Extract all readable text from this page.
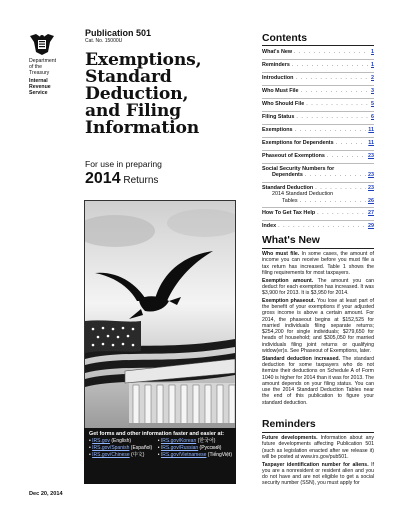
Department
of the
Treasury
Internal
Revenue
Service
Publication 501
Cat. No. 15000U
Exemptions,
Standard
Deduction,
and Filing
Information
For use in preparing
2014 Returns
Get forms and other information faster and easier at:
• IRS.gov (English)	• IRS.gov/Korean (한국어)
• IRS.gov/Spanish (Español)	• IRS.gov/Russian (Pусский)
• IRS.gov/Chinese (中文)	• IRS.gov/Vietnamese (TiếngViệt)
Dec 20, 2014
Contents
What's New . . .	1
Reminders . . .	1
Introduction . . .	2
Who Must File . . .	3
Who Should File . . .	5
Filing Status . . .	6
Exemptions . . .	11
Exemptions for Dependents . . .	11
Phaseout of Exemptions . . .	23
Social Security Numbers for
Dependents . . .	23
Standard Deduction . . .	23
2014 Standard Deduction
Tables . . .	26
How To Get Tax Help . . .	27
Index . . .	29
What's New

Who must file. In some cases, the amount of income you can receive before you must file a tax return has increased. Table 1 shows the filing requirements for most taxpayers.

Exemption amount. The amount you can deduct for each exemption has increased. It was $3,900 for 2013. It is $3,950 for 2014.

Exemption phaseout. You lose at least part of the benefit of your exemptions if your adjusted gross income is above a certain amount. For 2014, the phaseout begins at $152,525 for married individuals filing separate returns; $254,200 for single individuals; $279,650 for heads of household; and $305,050 for married individuals filing joint returns or qualifying widow(er)s. See Phaseout of Exemptions, later.

Standard deduction increased. The standard deduction for some taxpayers who do not itemize their deductions on Schedule A of Form 1040 is higher for 2014 than it was for 2013. The amount depends on your filing status. You can use the 2014 Standard Deduction Tables near the end of this publication to figure your standard deduction.

Reminders

Future developments. Information about any future developments affecting Publication 501 (such as legislation enacted after we release it) will be posted at www.irs.gov/pub501.

Taxpayer identification number for aliens. If you are a nonresident or resident alien and you do not have and are not eligible to get a social security number (SSN), you must apply for
